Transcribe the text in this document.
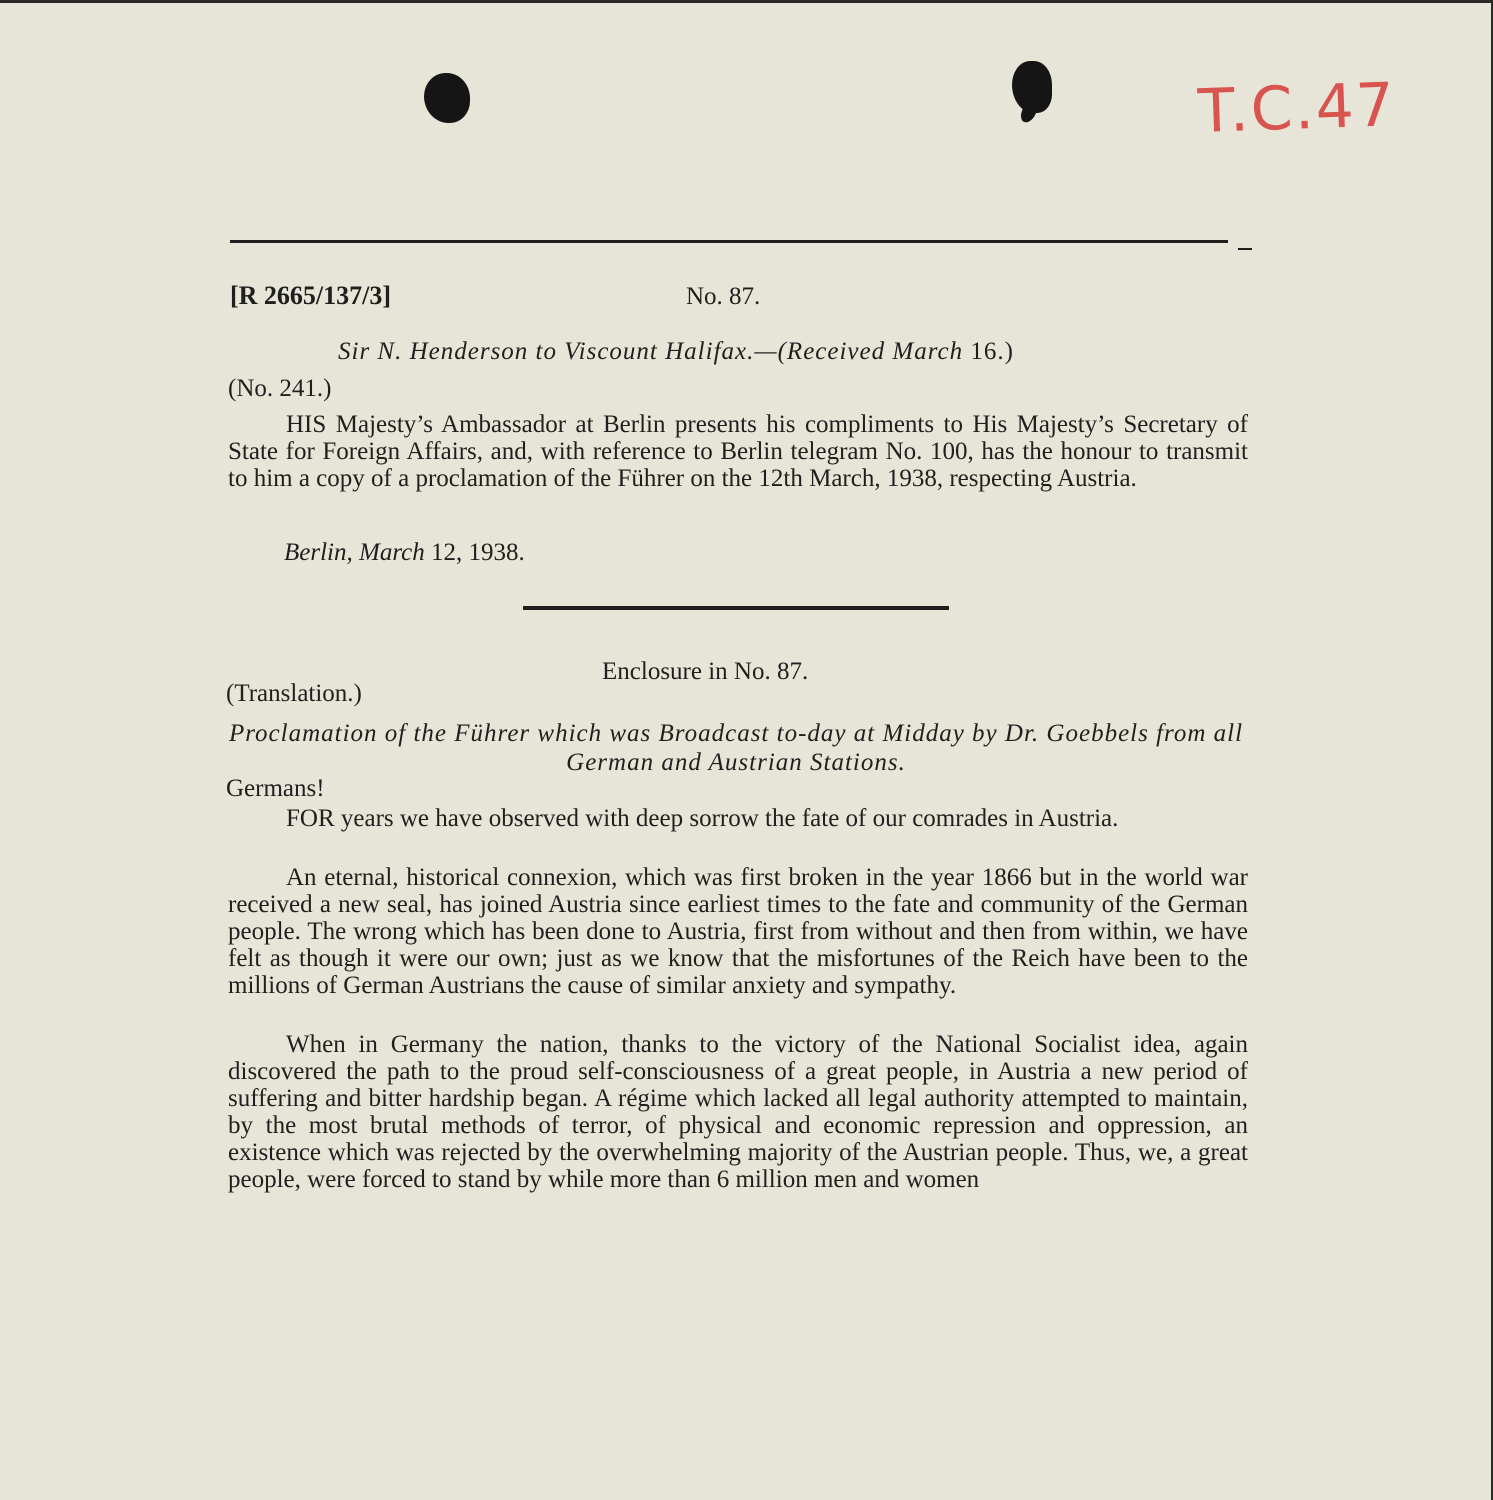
T.C.47

[R 2665/137/3]	No. 87.

Sir N. Henderson to Viscount Halifax.—(Received March 16.)

(No. 241.)

HIS Majesty’s Ambassador at Berlin presents his compliments to His Majesty’s Secretary of State for Foreign Affairs, and, with reference to Berlin telegram No. 100, has the honour to transmit to him a copy of a proclamation of the Führer on the 12th March, 1938, respecting Austria.

Berlin, March 12, 1938.

Enclosure in No. 87.

(Translation.)

Proclamation of the Führer which was Broadcast to-day at Midday by Dr. Goebbels from all German and Austrian Stations.

Germans!

FOR years we have observed with deep sorrow the fate of our comrades in Austria.

An eternal, historical connexion, which was first broken in the year 1866 but in the world war received a new seal, has joined Austria since earliest times to the fate and community of the German people. The wrong which has been done to Austria, first from without and then from within, we have felt as though it were our own; just as we know that the misfortunes of the Reich have been to the millions of German Austrians the cause of similar anxiety and sympathy.

When in Germany the nation, thanks to the victory of the National Socialist idea, again discovered the path to the proud self-consciousness of a great people, in Austria a new period of suffering and bitter hardship began. A régime which lacked all legal authority attempted to maintain, by the most brutal methods of terror, of physical and economic repression and oppression, an existence which was rejected by the overwhelming majority of the Austrian people. Thus, we, a great people, were forced to stand by while more than 6 million men and women
